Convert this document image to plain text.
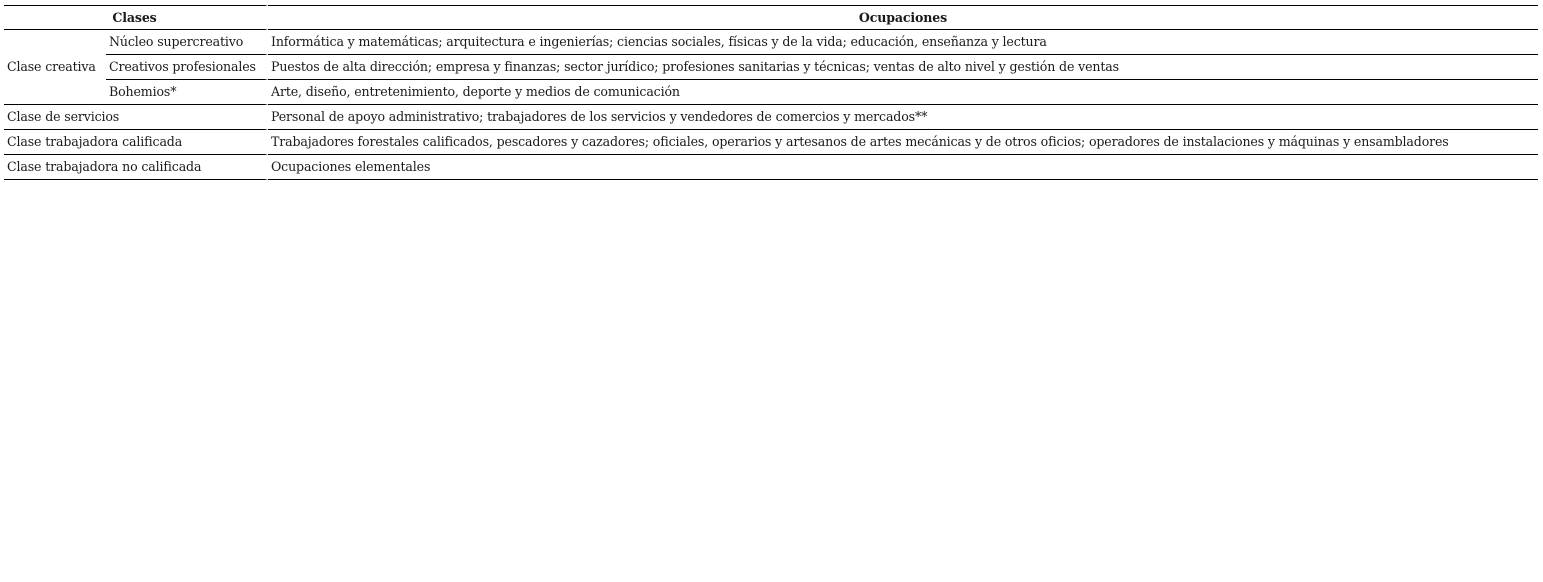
Clases		Ocupaciones
Clase creativa	Núcleo supercreativo	Informática y matemáticas; arquitectura e ingenierías; ciencias sociales, físicas y de la vida; educación, enseñanza y lectura
	Creativos profesionales	Puestos de alta dirección; empresa y finanzas; sector jurídico; profesiones sanitarias y técnicas; ventas de alto nivel y gestión de ventas
	Bohemios*	Arte, diseño, entretenimiento, deporte y medios de comunicación
Clase de servicios		Personal de apoyo administrativo; trabajadores de los servicios y vendedores de comercios y mercados**
Clase trabajadora calificada		Trabajadores forestales calificados, pescadores y cazadores; oficiales, operarios y artesanos de artes mecánicas y de otros oficios; operadores de instalaciones y máquinas y ensambladores
Clase trabajadora no calificada		Ocupaciones elementales
